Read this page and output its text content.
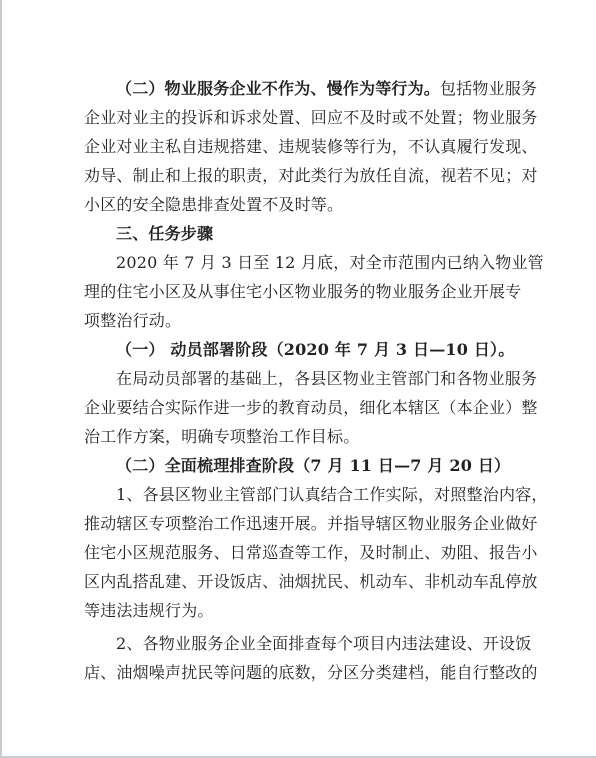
（二）物业服务企业不作为、慢作为等行为。包括物业服务
企业对业主的投诉和诉求处置、回应不及时或不处置；物业服务
企业对业主私自违规搭建、违规装修等行为，不认真履行发现、
劝导、制止和上报的职责，对此类行为放任自流，视若不见；对
小区的安全隐患排查处置不及时等。
三、任务步骤
2020 年 7 月 3 日至 12 月底，对全市范围内已纳入物业管
理的住宅小区及从事住宅小区物业服务的物业服务企业开展专
项整治行动。
（一） 动员部署阶段（2020 年 7 月 3 日—10 日）。
在局动员部署的基础上，各县区物业主管部门和各物业服务
企业要结合实际作进一步的教育动员，细化本辖区（本企业）整
治工作方案，明确专项整治工作目标。
（二）全面梳理排查阶段（7 月 11 日—7 月 20 日）
1、各县区物业主管部门认真结合工作实际，对照整治内容，
推动辖区专项整治工作迅速开展。并指导辖区物业服务企业做好
住宅小区规范服务、日常巡查等工作，及时制止、劝阻、报告小
区内乱搭乱建、开设饭店、油烟扰民、机动车、非机动车乱停放
等违法违规行为。
2、各物业服务企业全面排查每个项目内违法建设、开设饭
店、油烟噪声扰民等问题的底数，分区分类建档，能自行整改的
